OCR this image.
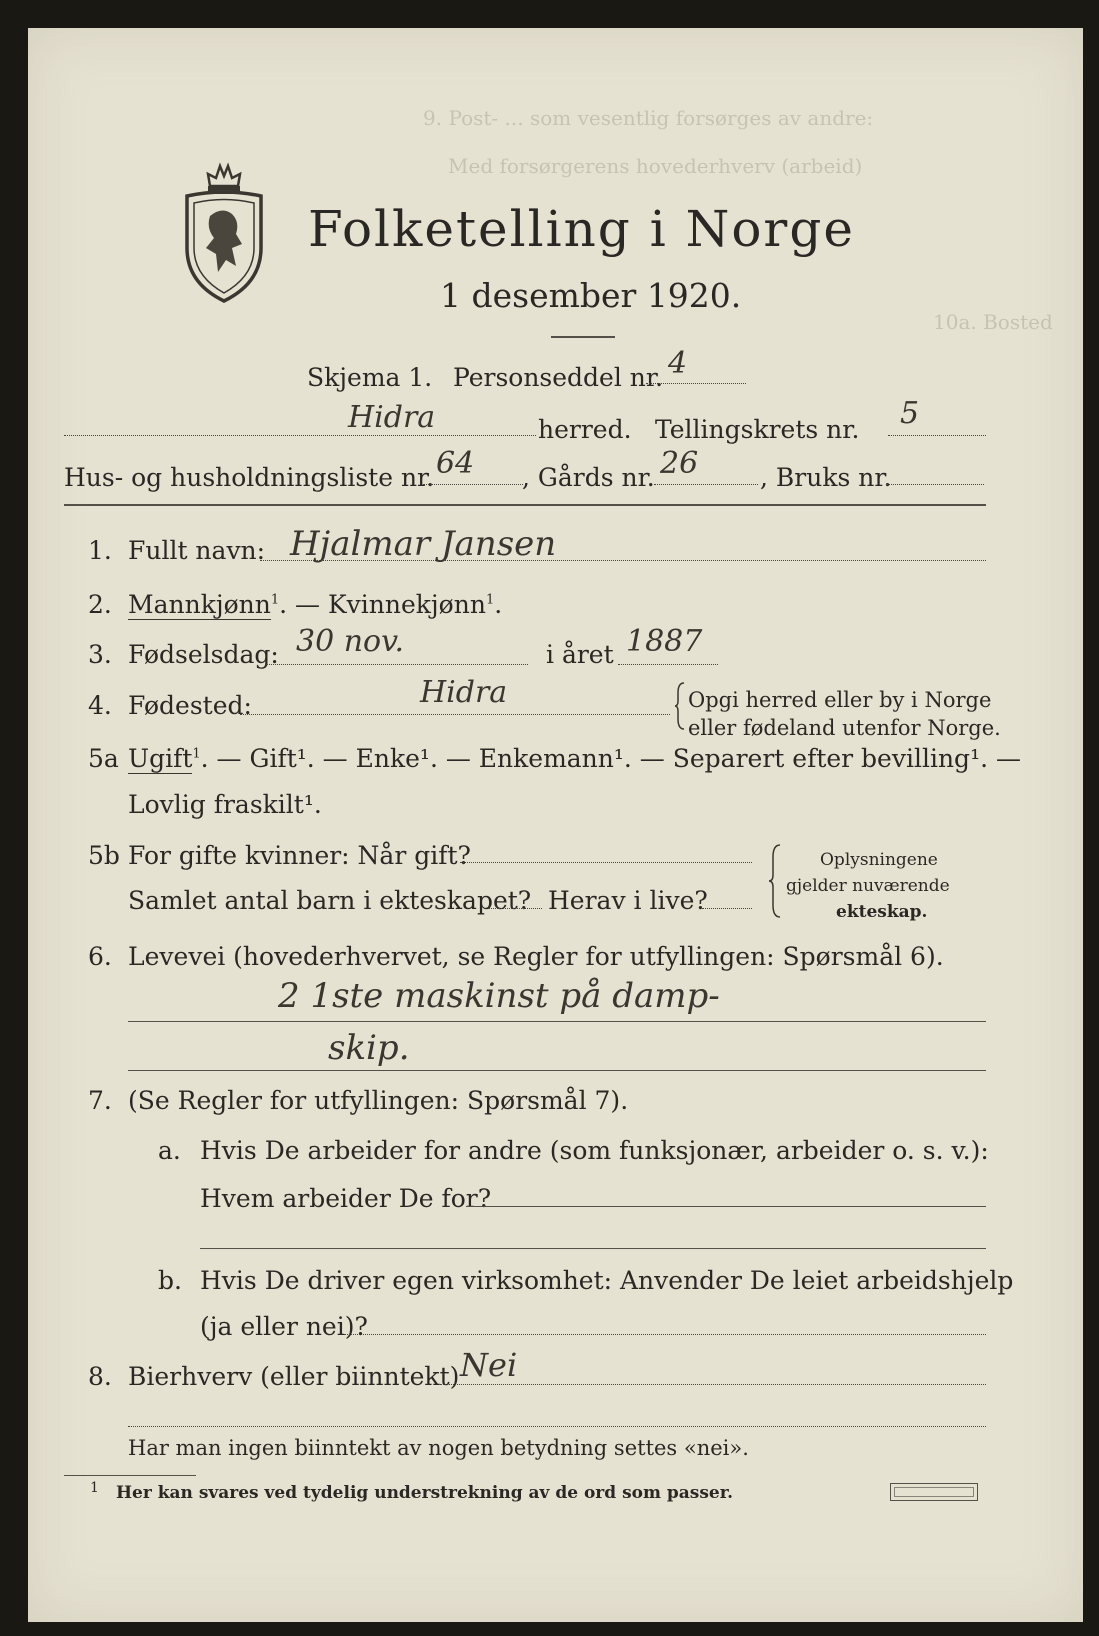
9. Post- ... som vesentlig forsørges av andre:
Med forsørgerens hovederhverv (arbeid)
10a. Bosted
Folketelling i Norge
1 desember 1920.
Skjema 1. Personseddel nr. 4
Hidra	herred. Tellingskrets nr. 5
Hus- og husholdningsliste nr. 64 , Gårds nr. 26 , Bruks nr.
1. Fullt navn: Hjalmar Jansen
2. Mannkjønn$^1$. — Kvinnekjønn$^1$.
3. Fødselsdag: 30 nov.	i året 1887
4. Fødested:	Hidra	Opgi herred eller by i Norge
eller fødeland utenfor Norge.
5a Ugift$^1$. — Gift¹. — Enke¹. — Enkemann¹. — Separert efter bevilling¹. —
Lovlig fraskilt¹.
5b For gifte kvinner: Når gift?
Samlet antal barn i ekteskapet? Herav i live?
Oplysningene
gjelder nuværende
ekteskap.
6. Levevei (hovederhvervet, se Regler for utfyllingen: Spørsmål 6).
2 1ste maskinst på damp-
skip.
7. (Se Regler for utfyllingen: Spørsmål 7).
a. Hvis De arbeider for andre (som funksjonær, arbeider o. s. v.):
Hvem arbeider De for?
b. Hvis De driver egen virksomhet: Anvender De leiet arbeidshjelp
(ja eller nei)?
8. Bierhverv (eller biinntekt) Nei
Har man ingen biinntekt av nogen betydning settes «nei».
1 Her kan svares ved tydelig understrekning av de ord som passer.
